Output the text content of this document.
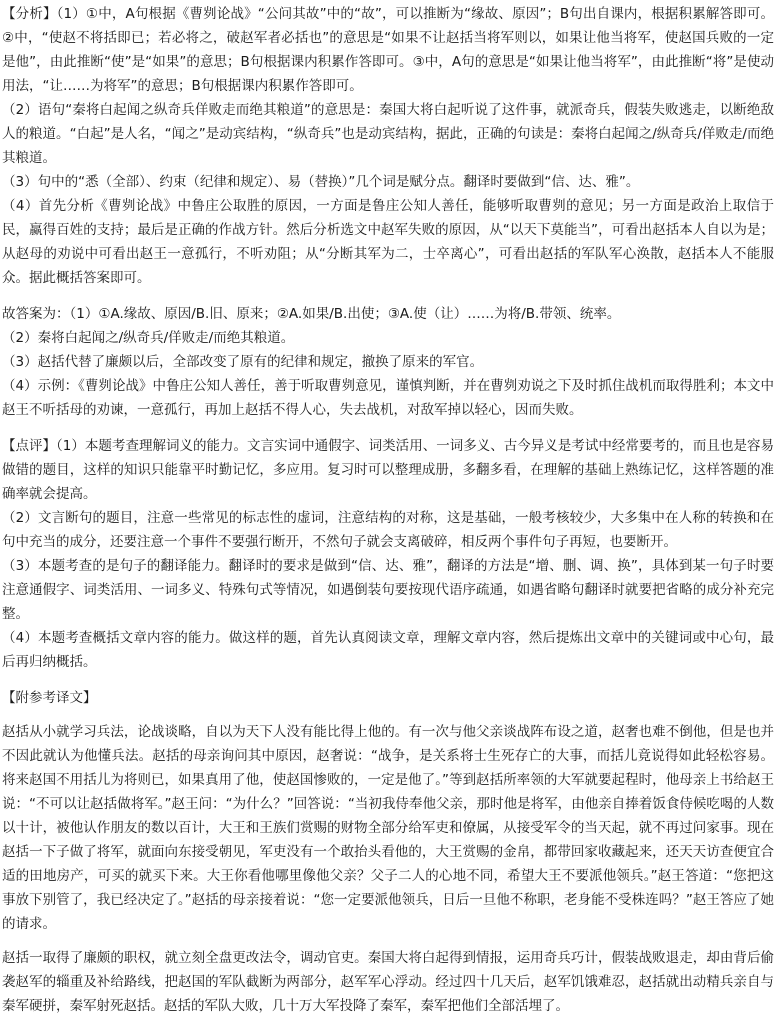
【分析】（1）①中，A句根据《曹刿论战》“公问其故”中的“故”，可以推断为“缘故、原因”；B句出自课内，根据积累解答即可。②中，“使赵不将括即已；若必将之，破赵军者必括也”的意思是“如果不让赵括当将军则以，如果让他当将军，使赵国兵败的一定是他”，由此推断“使”是“如果”的意思；B句根据课内积累作答即可。③中，A句的意思是“如果让他当将军”，由此推断“将”是使动用法，“让……为将军”的意思；B句根据课内积累作答即可。

（2）语句“秦将白起闻之纵奇兵佯败走而绝其粮道”的意思是：秦国大将白起听说了这件事，就派奇兵，假装失败逃走，以断绝敌人的粮道。“白起”是人名，“闻之”是动宾结构，“纵奇兵”也是动宾结构，据此，正确的句读是：秦将白起闻之/纵奇兵/佯败走/而绝其粮道。

（3）句中的“悉（全部）、约束（纪律和规定）、易（替换）”几个词是赋分点。翻译时要做到“信、达、雅”。

（4）首先分析《曹刿论战》中鲁庄公取胜的原因，一方面是鲁庄公知人善任，能够听取曹刿的意见；另一方面是政治上取信于民，赢得百姓的支持；最后是正确的作战方针。然后分析选文中赵军失败的原因，从“以天下莫能当”，可看出赵括本人自以为是；从赵母的劝说中可看出赵王一意孤行，不听劝阻；从“分断其军为二，士卒离心”，可看出赵括的军队军心涣散，赵括本人不能服众。据此概括答案即可。

故答案为：（1）①A.缘故、原因/B.旧、原来；②A.如果/B.出使；③A.使（让）……为将/B.带领、统率。

（2）秦将白起闻之/纵奇兵/佯败走/而绝其粮道。

（3）赵括代替了廉颇以后，全部改变了原有的纪律和规定，撤换了原来的军官。

（4）示例：《曹刿论战》中鲁庄公知人善任，善于听取曹刿意见，谨慎判断，并在曹刿劝说之下及时抓住战机而取得胜利；本文中赵王不听括母的劝谏，一意孤行，再加上赵括不得人心，失去战机，对敌军掉以轻心，因而失败。

【点评】（1）本题考查理解词义的能力。文言实词中通假字、词类活用、一词多义、古今异义是考试中经常要考的，而且也是容易做错的题目，这样的知识只能靠平时勤记忆，多应用。复习时可以整理成册，多翻多看，在理解的基础上熟练记忆，这样答题的准确率就会提高。

（2）文言断句的题目，注意一些常见的标志性的虚词，注意结构的对称，这是基础，一般考核较少，大多集中在人称的转换和在句中充当的成分，还要注意一个事件不要强行断开，不然句子就会支离破碎，相反两个事件句子再短，也要断开。

（3）本题考查的是句子的翻译能力。翻译时的要求是做到“信、达、雅”，翻译的方法是“增、删、调、换”，具体到某一句子时要注意通假字、词类活用、一词多义、特殊句式等情况，如遇倒装句要按现代语序疏通，如遇省略句翻译时就要把省略的成分补充完整。

（4）本题考查概括文章内容的能力。做这样的题，首先认真阅读文章，理解文章内容，然后提炼出文章中的关键词或中心句，最后再归纳概括。

【附参考译文】

赵括从小就学习兵法，论战谈略，自以为天下人没有能比得上他的。有一次与他父亲谈战阵布设之道，赵奢也难不倒他，但是也并不因此就认为他懂兵法。赵括的母亲询问其中原因，赵奢说：“战争，是关系将士生死存亡的大事，而括儿竟说得如此轻松容易。将来赵国不用括儿为将则已，如果真用了他，使赵国惨败的，一定是他了。”等到赵括所率领的大军就要起程时，他母亲上书给赵王说：“不可以让赵括做将军。”赵王问：“为什么？”回答说：“当初我侍奉他父亲，那时他是将军，由他亲自捧着饭食侍候吃喝的人数以十计，被他认作朋友的数以百计，大王和王族们赏赐的财物全部分给军吏和僚属，从接受军令的当天起，就不再过问家事。现在赵括一下子做了将军，就面向东接受朝见，军吏没有一个敢抬头看他的，大王赏赐的金帛，都带回家收藏起来，还天天访查便宜合适的田地房产，可买的就买下来。大王你看他哪里像他父亲？父子二人的心地不同，希望大王不要派他领兵。”赵王答道：“您把这事放下别管了，我已经决定了。”赵括的母亲接着说：“您一定要派他领兵，日后一旦他不称职，老身能不受株连吗？”赵王答应了她的请求。

赵括一取得了廉颇的职权，就立刻全盘更改法令，调动官吏。秦国大将白起得到情报，运用奇兵巧计，假装战败退走，却由背后偷袭赵军的辎重及补给路线，把赵国的军队截断为两部分，赵军军心浮动。经过四十几天后，赵军饥饿难忍，赵括就出动精兵亲自与秦军硬拼，秦军射死赵括。赵括的军队大败，几十万大军投降了秦军，秦军把他们全部活埋了。
